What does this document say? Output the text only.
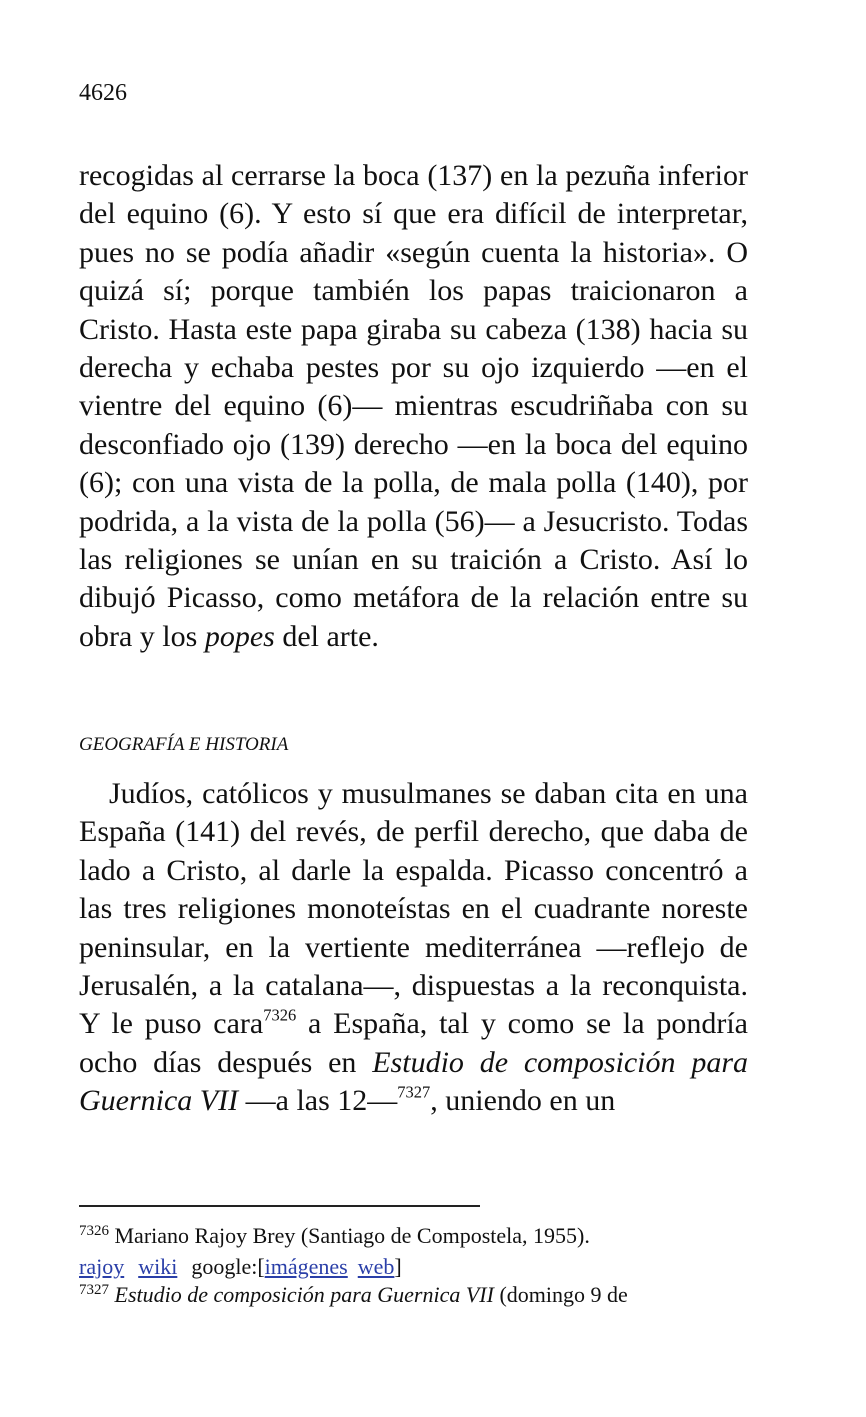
4626
recogidas al cerrarse la boca (137) en la pezuña inferior del equino (6). Y esto sí que era difícil de interpretar, pues no se podía añadir «según cuenta la historia». O quizá sí; porque también los papas traicionaron a Cristo. Hasta este papa giraba su cabeza (138) hacia su derecha y echaba pestes por su ojo izquierdo —en el vientre del equino (6)— mientras escudriñaba con su desconfiado ojo (139) derecho —en la boca del equino (6); con una vista de la polla, de mala polla (140), por podrida, a la vista de la polla (56)— a Jesucristo. Todas las religiones se unían en su traición a Cristo. Así lo dibujó Picasso, como metáfora de la relación entre su obra y los popes del arte.
GEOGRAFÍA E HISTORIA
Judíos, católicos y musulmanes se daban cita en una España (141) del revés, de perfil derecho, que daba de lado a Cristo, al darle la espalda. Picasso concentró a las tres religiones monoteístas en el cuadrante noreste peninsular, en la vertiente mediterránea —reflejo de Jerusalén, a la catalana—, dispuestas a la reconquista. Y le puso cara$^{7326}$ a España, tal y como se la pondría ocho días después en Estudio de composición para Guernica VII —a las 12—$^{7327}$, uniendo en un
$^{7326}$ Mariano Rajoy Brey (Santiago de Compostela, 1955).
rajoy wiki google:[imágenes web]
$^{7327}$ Estudio de composición para Guernica VII (domingo 9 de
